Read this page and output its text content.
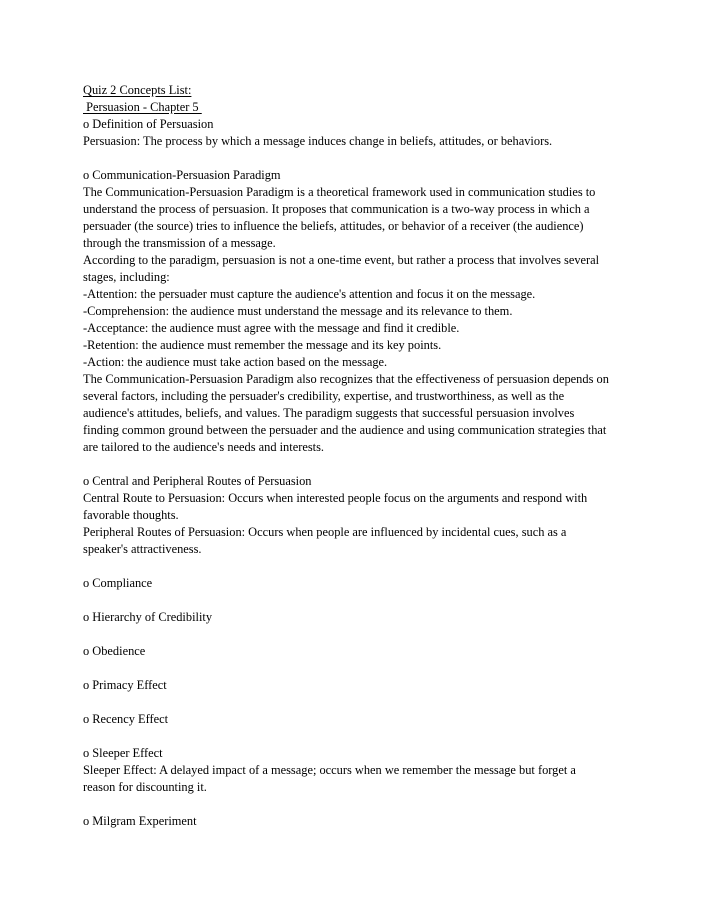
Quiz 2 Concepts List:
Persuasion - Chapter 5
o Definition of Persuasion
Persuasion: The process by which a message induces change in beliefs, attitudes, or behaviors.
o Communication-Persuasion Paradigm
The Communication-Persuasion Paradigm is a theoretical framework used in communication studies to
understand the process of persuasion. It proposes that communication is a two-way process in which a
persuader (the source) tries to influence the beliefs, attitudes, or behavior of a receiver (the audience)
through the transmission of a message.
According to the paradigm, persuasion is not a one-time event, but rather a process that involves several
stages, including:
-Attention: the persuader must capture the audience's attention and focus it on the message.
-Comprehension: the audience must understand the message and its relevance to them.
-Acceptance: the audience must agree with the message and find it credible.
-Retention: the audience must remember the message and its key points.
-Action: the audience must take action based on the message.
The Communication-Persuasion Paradigm also recognizes that the effectiveness of persuasion depends on
several factors, including the persuader's credibility, expertise, and trustworthiness, as well as the
audience's attitudes, beliefs, and values. The paradigm suggests that successful persuasion involves
finding common ground between the persuader and the audience and using communication strategies that
are tailored to the audience's needs and interests.
o Central and Peripheral Routes of Persuasion
Central Route to Persuasion: Occurs when interested people focus on the arguments and respond with
favorable thoughts.
Peripheral Routes of Persuasion: Occurs when people are influenced by incidental cues, such as a
speaker's attractiveness.
o Compliance
o Hierarchy of Credibility
o Obedience
o Primacy Effect
o Recency Effect
o Sleeper Effect
Sleeper Effect: A delayed impact of a message; occurs when we remember the message but forget a
reason for discounting it.
o Milgram Experiment
